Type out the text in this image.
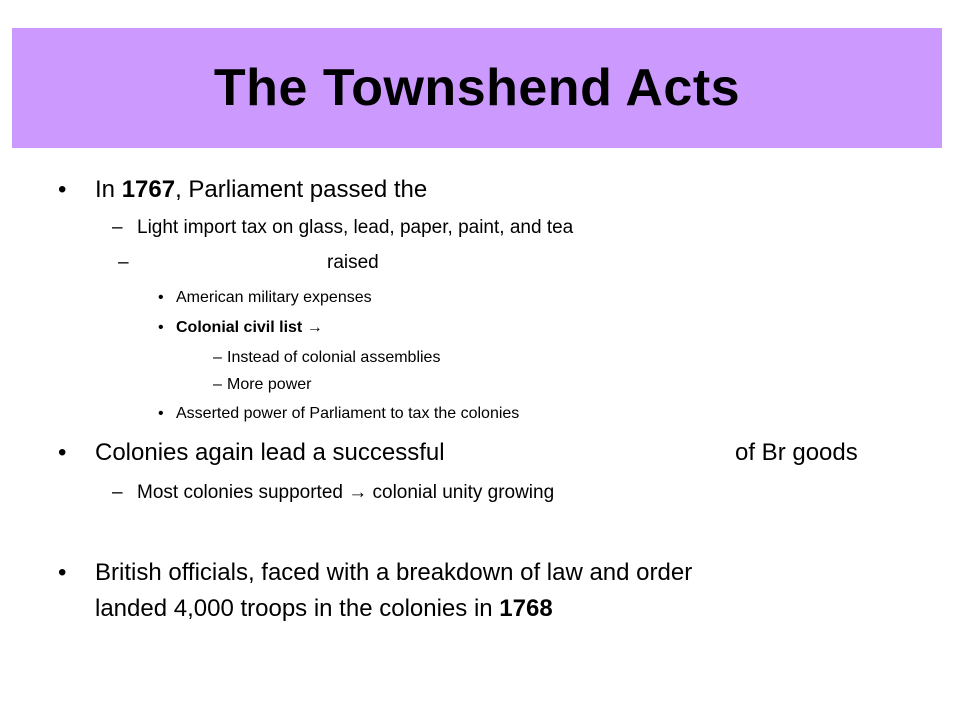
The Townshend Acts
• In 1767, Parliament passed the
– Light import tax on glass, lead, paper, paint, and tea
–	raised
• American military expenses
• Colonial civil list →
– Instead of colonial assemblies
– More power
• Asserted power of Parliament to tax the colonies
• Colonies again lead a successful	of Br goods
– Most colonies supported → colonial unity growing
• British officials, faced with a breakdown of law and order
landed 4,000 troops in the colonies in 1768
